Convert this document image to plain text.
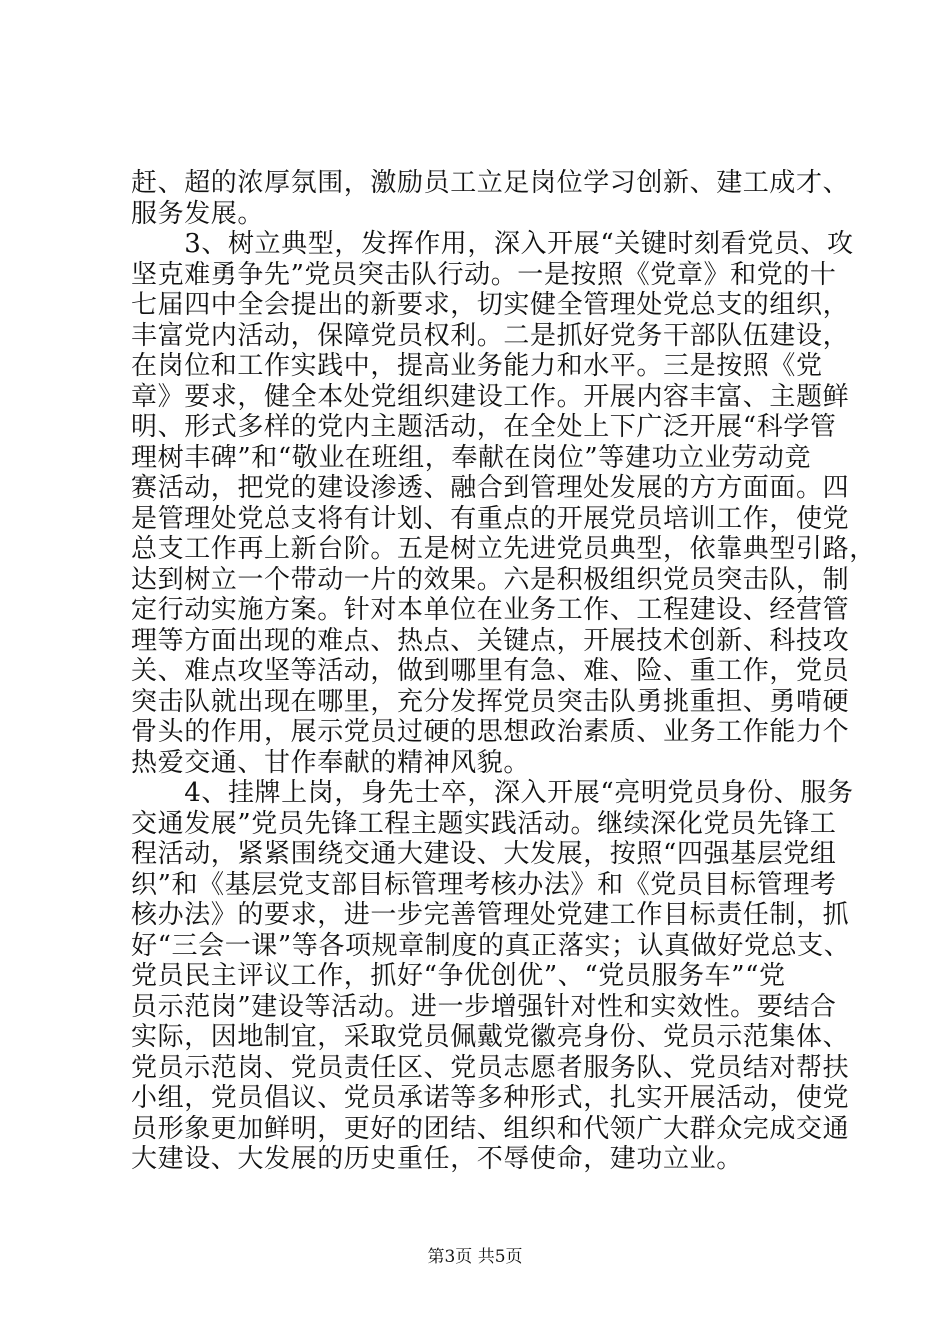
赶、超的浓厚氛围，激励员工立足岗位学习创新、建工成才、
服务发展。
　　3、树立典型，发挥作用，深入开展“关键时刻看党员、攻
坚克难勇争先”党员突击队行动。一是按照《党章》和党的十
七届四中全会提出的新要求，切实健全管理处党总支的组织，
丰富党内活动，保障党员权利。二是抓好党务干部队伍建设，
在岗位和工作实践中，提高业务能力和水平。三是按照《党
章》要求，健全本处党组织建设工作。开展内容丰富、主题鲜
明、形式多样的党内主题活动，在全处上下广泛开展“科学管
理树丰碑”和“敬业在班组，奉献在岗位”等建功立业劳动竞
赛活动，把党的建设渗透、融合到管理处发展的方方面面。四
是管理处党总支将有计划、有重点的开展党员培训工作，使党
总支工作再上新台阶。五是树立先进党员典型，依靠典型引路，
达到树立一个带动一片的效果。六是积极组织党员突击队，制
定行动实施方案。针对本单位在业务工作、工程建设、经营管
理等方面出现的难点、热点、关键点，开展技术创新、科技攻
关、难点攻坚等活动，做到哪里有急、难、险、重工作，党员
突击队就出现在哪里，充分发挥党员突击队勇挑重担、勇啃硬
骨头的作用，展示党员过硬的思想政治素质、业务工作能力个
热爱交通、甘作奉献的精神风貌。
　　4、挂牌上岗，身先士卒，深入开展“亮明党员身份、服务
交通发展”党员先锋工程主题实践活动。继续深化党员先锋工
程活动，紧紧围绕交通大建设、大发展，按照“四强基层党组
织”和《基层党支部目标管理考核办法》和《党员目标管理考
核办法》的要求，进一步完善管理处党建工作目标责任制，抓
好“三会一课”等各项规章制度的真正落实；认真做好党总支、
党员民主评议工作，抓好“争优创优”、“党员服务车”“党
员示范岗”建设等活动。进一步增强针对性和实效性。要结合
实际，因地制宜，采取党员佩戴党徽亮身份、党员示范集体、
党员示范岗、党员责任区、党员志愿者服务队、党员结对帮扶
小组，党员倡议、党员承诺等多种形式，扎实开展活动，使党
员形象更加鲜明，更好的团结、组织和代领广大群众完成交通
大建设、大发展的历史重任，不辱使命，建功立业。
第3页 共5页
